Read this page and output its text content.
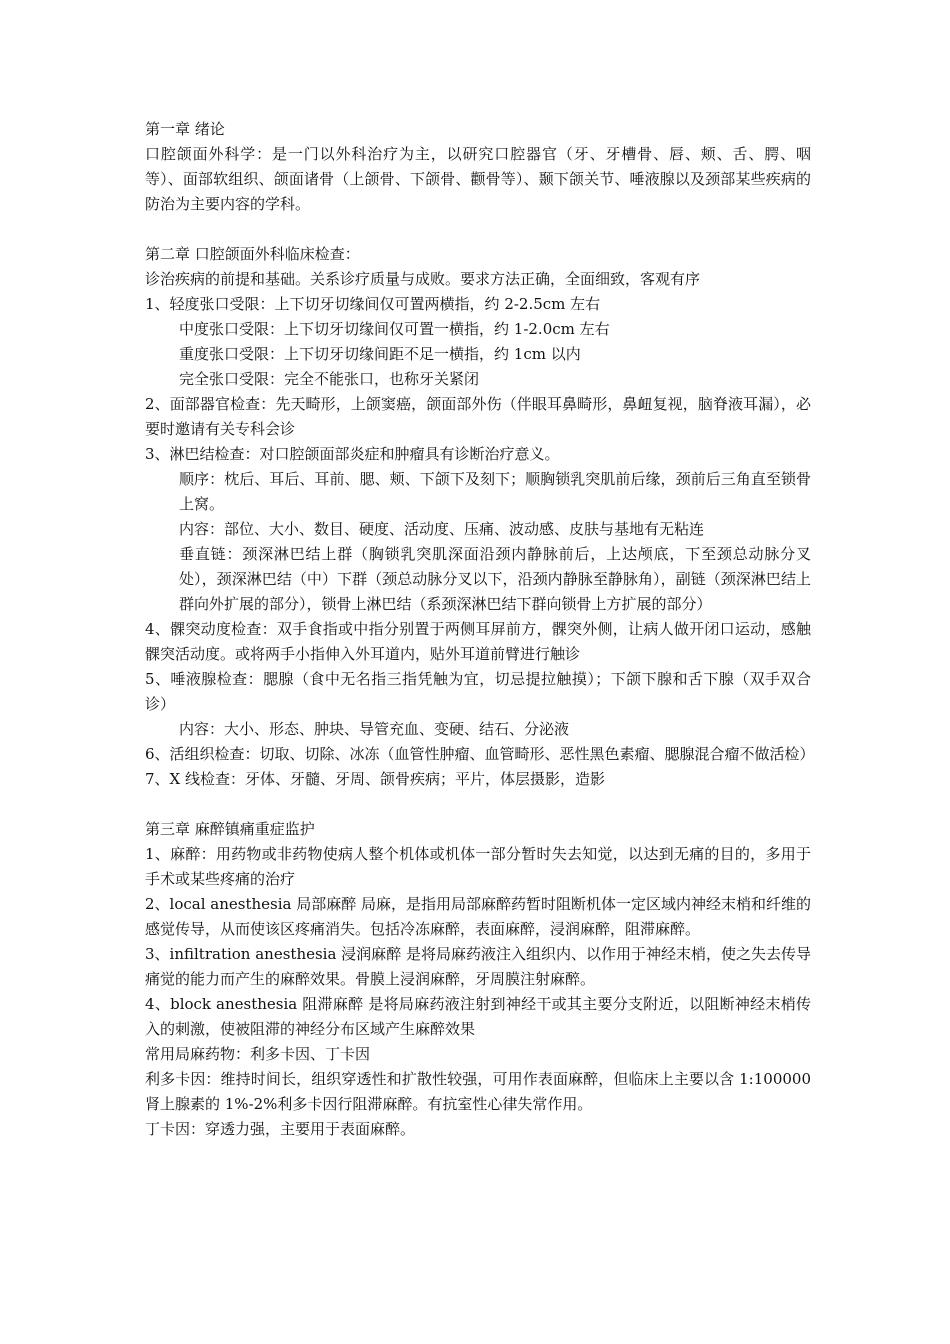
第一章 绪论

口腔颌面外科学：是一门以外科治疗为主，以研究口腔器官（牙、牙槽骨、唇、颊、舌、腭、咽等）、面部软组织、颌面诸骨（上颌骨、下颌骨、颧骨等）、颞下颌关节、唾液腺以及颈部某些疾病的防治为主要内容的学科。

第二章 口腔颌面外科临床检查：

诊治疾病的前提和基础。关系诊疗质量与成败。要求方法正确，全面细致，客观有序

1、轻度张口受限：上下切牙切缘间仅可置两横指，约 2-2.5cm 左右

中度张口受限：上下切牙切缘间仅可置一横指，约 1-2.0cm 左右

重度张口受限：上下切牙切缘间距不足一横指，约 1cm 以内

完全张口受限：完全不能张口，也称牙关紧闭

2、面部器官检查：先天畸形，上颌窦癌，颌面部外伤（伴眼耳鼻畸形，鼻衄复视，脑脊液耳漏），必要时邀请有关专科会诊

3、淋巴结检查：对口腔颌面部炎症和肿瘤具有诊断治疗意义。

顺序：枕后、耳后、耳前、腮、颊、下颌下及刻下；顺胸锁乳突肌前后缘，颈前后三角直至锁骨上窝。

内容：部位、大小、数目、硬度、活动度、压痛、波动感、皮肤与基地有无粘连

垂直链：颈深淋巴结上群（胸锁乳突肌深面沿颈内静脉前后，上达颅底，下至颈总动脉分叉处），颈深淋巴结（中）下群（颈总动脉分叉以下，沿颈内静脉至静脉角），副链（颈深淋巴结上群向外扩展的部分），锁骨上淋巴结（系颈深淋巴结下群向锁骨上方扩展的部分）

4、髁突动度检查：双手食指或中指分别置于两侧耳屏前方，髁突外侧，让病人做开闭口运动，感触髁突活动度。或将两手小指伸入外耳道内，贴外耳道前臂进行触诊

5、唾液腺检查：腮腺（食中无名指三指凭触为宜，切忌提拉触摸）；下颌下腺和舌下腺（双手双合诊）

内容：大小、形态、肿块、导管充血、变硬、结石、分泌液

6、活组织检查：切取、切除、冰冻（血管性肿瘤、血管畸形、恶性黑色素瘤、腮腺混合瘤不做活检）

7、X 线检查：牙体、牙髓、牙周、颌骨疾病；平片，体层摄影，造影

第三章 麻醉镇痛重症监护

1、麻醉：用药物或非药物使病人整个机体或机体一部分暂时失去知觉，以达到无痛的目的，多用于手术或某些疼痛的治疗

2、local anesthesia 局部麻醉 局麻，是指用局部麻醉药暂时阻断机体一定区域内神经末梢和纤维的感觉传导，从而使该区疼痛消失。包括冷冻麻醉，表面麻醉，浸润麻醉，阻滞麻醉。

3、infiltration anesthesia 浸润麻醉 是将局麻药液注入组织内、以作用于神经末梢，使之失去传导痛觉的能力而产生的麻醉效果。骨膜上浸润麻醉，牙周膜注射麻醉。

4、block anesthesia 阻滞麻醉 是将局麻药液注射到神经干或其主要分支附近，以阻断神经末梢传入的刺激，使被阻滞的神经分布区域产生麻醉效果

常用局麻药物：利多卡因、丁卡因

利多卡因：维持时间长，组织穿透性和扩散性较强，可用作表面麻醉，但临床上主要以含 1:100000 肾上腺素的 1%-2%利多卡因行阻滞麻醉。有抗室性心律失常作用。

丁卡因：穿透力强，主要用于表面麻醉。
